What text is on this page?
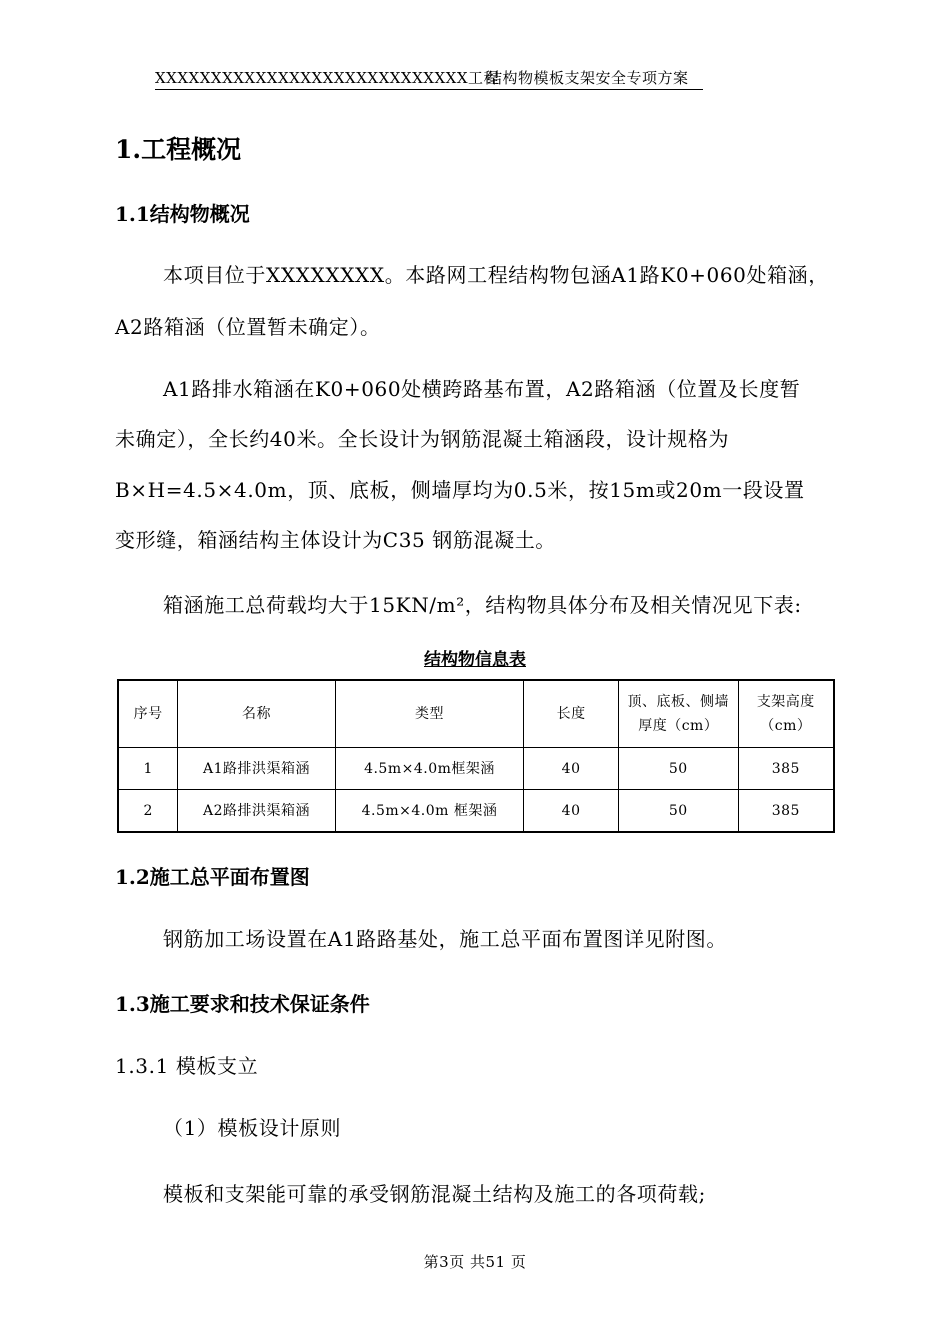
XXXXXXXXXXXXXXXXXXXXXXXXXXXX工程
结构物模板支架安全专项方案
1.工程概况
1.1结构物概况
本项目位于XXXXXXXX。本路网工程结构物包涵A1路K0+060处箱涵，
A2路箱涵（位置暂未确定）。
A1路排水箱涵在K0+060处横跨路基布置，A2路箱涵（位置及长度暂
未确定），全长约40米。全长设计为钢筋混凝土箱涵段，设计规格为
B×H=4.5×4.0m，顶、底板，侧墙厚均为0.5米，按15m或20m一段设置
变形缝，箱涵结构主体设计为C35 钢筋混凝土。
箱涵施工总荷载均大于15KN/m²，结构物具体分布及相关情况见下表:
结构物信息表
序号	名称	类型	长度	顶、底板、侧墙厚度（cm）	支架高度（cm）
1	A1路排洪渠箱涵	4.5m×4.0m框架涵	40	50	385
2	A2路排洪渠箱涵	4.5m×4.0m 框架涵	40	50	385
1.2施工总平面布置图
钢筋加工场设置在A1路路基处，施工总平面布置图详见附图。
1.3施工要求和技术保证条件
1.3.1 模板支立
（1）模板设计原则
模板和支架能可靠的承受钢筋混凝土结构及施工的各项荷载;
第3页 共51 页
